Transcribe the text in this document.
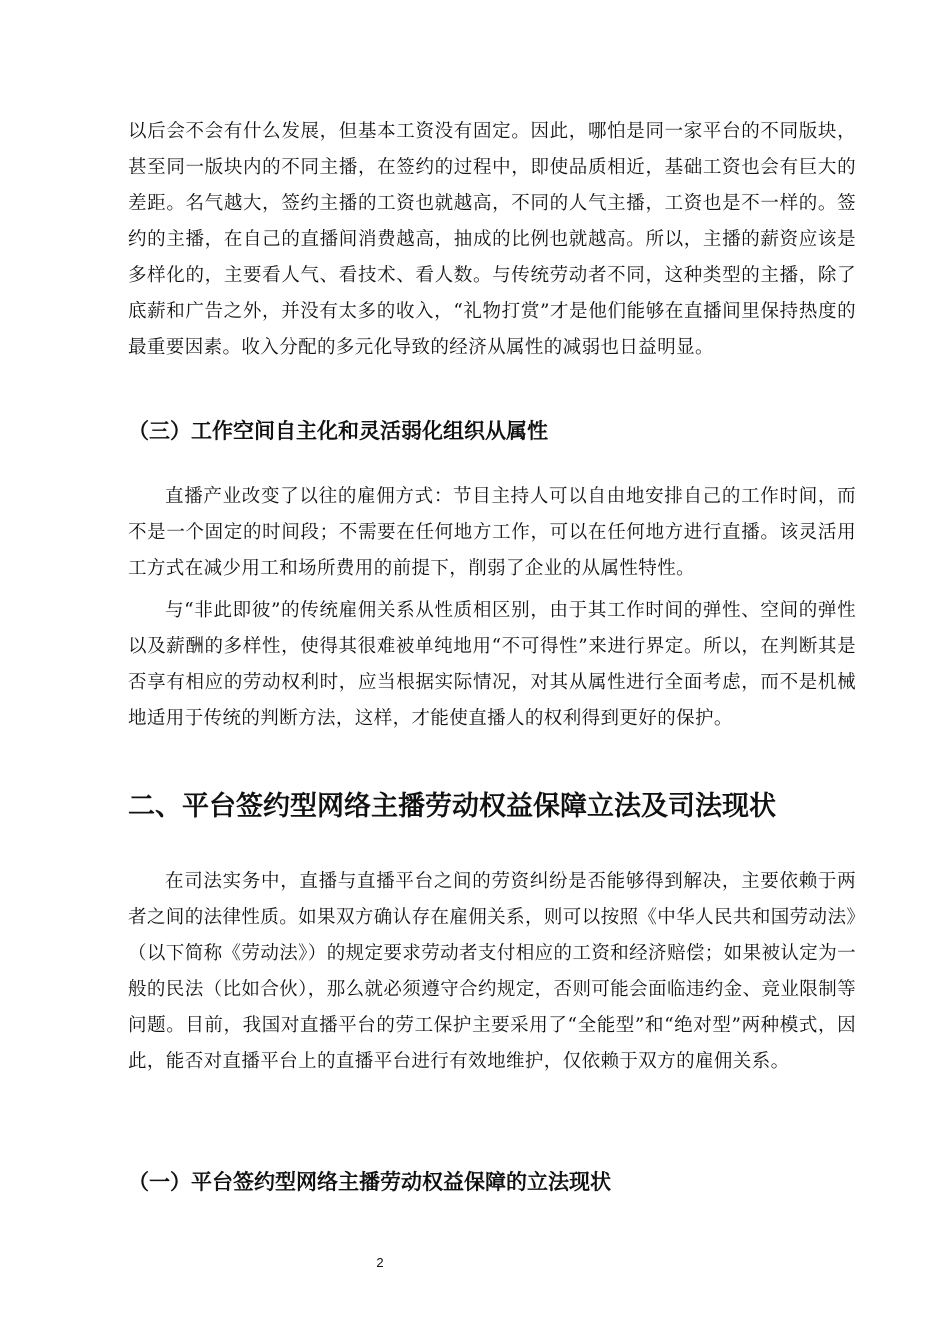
以后会不会有什么发展，但基本工资没有固定。因此，哪怕是同一家平台的不同版块，甚至同一版块内的不同主播，在签约的过程中，即使品质相近，基础工资也会有巨大的差距。名气越大，签约主播的工资也就越高，不同的人气主播，工资也是不一样的。签约的主播，在自己的直播间消费越高，抽成的比例也就越高。所以，主播的薪资应该是多样化的，主要看人气、看技术、看人数。与传统劳动者不同，这种类型的主播，除了底薪和广告之外，并没有太多的收入，“礼物打赏”才是他们能够在直播间里保持热度的最重要因素。收入分配的多元化导致的经济从属性的减弱也日益明显。

（三）工作空间自主化和灵活弱化组织从属性

直播产业改变了以往的雇佣方式：节目主持人可以自由地安排自己的工作时间，而不是一个固定的时间段；不需要在任何地方工作，可以在任何地方进行直播。该灵活用工方式在减少用工和场所费用的前提下，削弱了企业的从属性特性。

与“非此即彼”的传统雇佣关系从性质相区别，由于其工作时间的弹性、空间的弹性以及薪酬的多样性，使得其很难被单纯地用“不可得性”来进行界定。所以，在判断其是否享有相应的劳动权利时，应当根据实际情况，对其从属性进行全面考虑，而不是机械地适用于传统的判断方法，这样，才能使直播人的权利得到更好的保护。

二、平台签约型网络主播劳动权益保障立法及司法现状

在司法实务中，直播与直播平台之间的劳资纠纷是否能够得到解决，主要依赖于两者之间的法律性质。如果双方确认存在雇佣关系，则可以按照《中华人民共和国劳动法》（以下简称《劳动法》）的规定要求劳动者支付相应的工资和经济赔偿；如果被认定为一般的民法（比如合伙），那么就必须遵守合约规定，否则可能会面临违约金、竞业限制等问题。目前，我国对直播平台的劳工保护主要采用了“全能型”和“绝对型”两种模式，因此，能否对直播平台上的直播平台进行有效地维护，仅依赖于双方的雇佣关系。

（一）平台签约型网络主播劳动权益保障的立法现状
2
